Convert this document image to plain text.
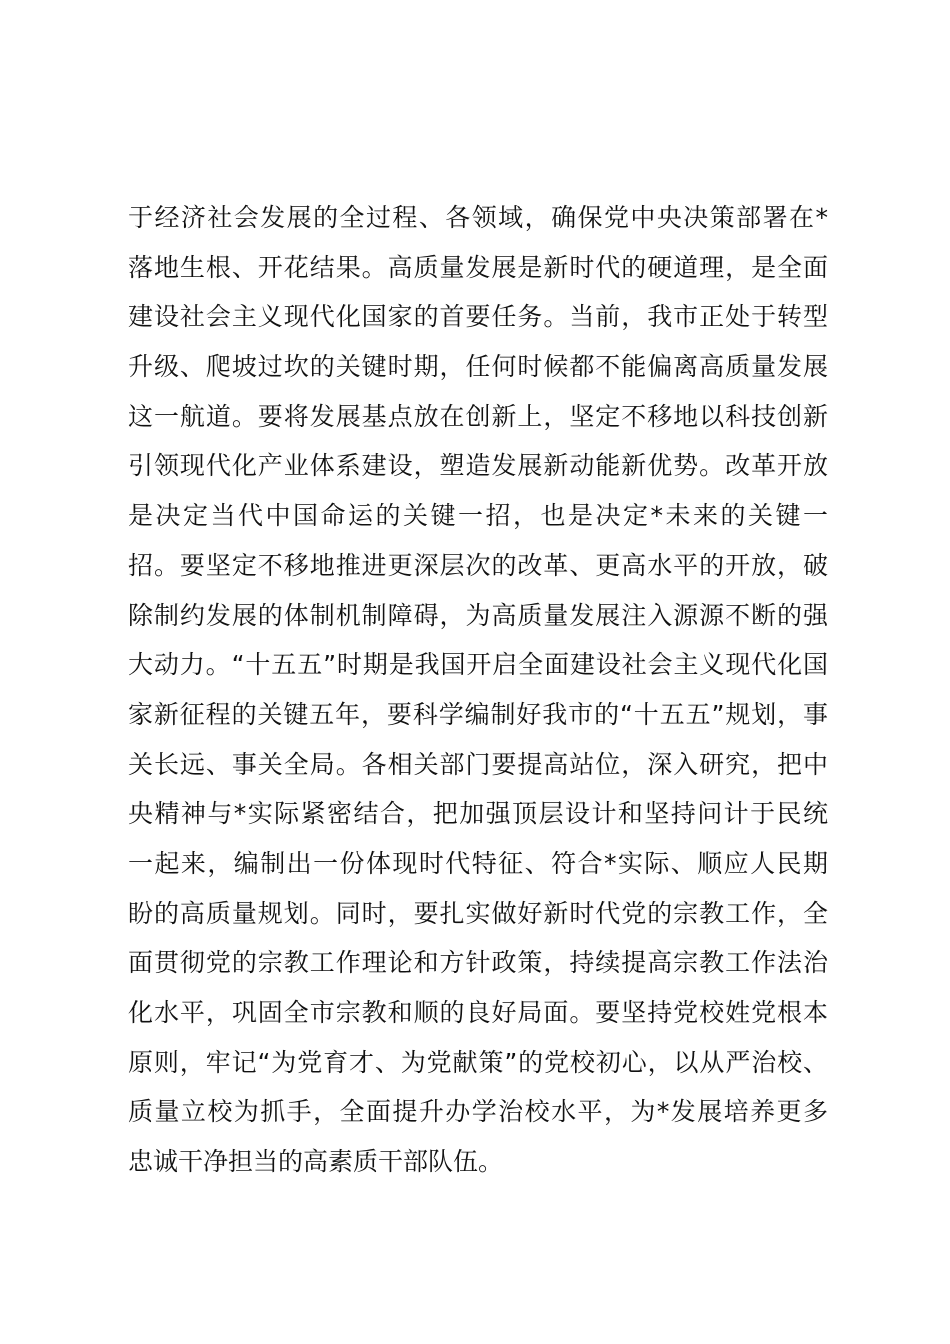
于经济社会发展的全过程、各领域，确保党中央决策部署在*
落地生根、开花结果。高质量发展是新时代的硬道理，是全面
建设社会主义现代化国家的首要任务。当前，我市正处于转型
升级、爬坡过坎的关键时期，任何时候都不能偏离高质量发展
这一航道。要将发展基点放在创新上，坚定不移地以科技创新
引领现代化产业体系建设，塑造发展新动能新优势。改革开放
是决定当代中国命运的关键一招，也是决定*未来的关键一
招。要坚定不移地推进更深层次的改革、更高水平的开放，破
除制约发展的体制机制障碍，为高质量发展注入源源不断的强
大动力。“十五五”时期是我国开启全面建设社会主义现代化国
家新征程的关键五年，要科学编制好我市的“十五五”规划，事
关长远、事关全局。各相关部门要提高站位，深入研究，把中
央精神与*实际紧密结合，把加强顶层设计和坚持问计于民统
一起来，编制出一份体现时代特征、符合*实际、顺应人民期
盼的高质量规划。同时，要扎实做好新时代党的宗教工作，全
面贯彻党的宗教工作理论和方针政策，持续提高宗教工作法治
化水平，巩固全市宗教和顺的良好局面。要坚持党校姓党根本
原则，牢记“为党育才、为党献策”的党校初心，以从严治校、
质量立校为抓手，全面提升办学治校水平，为*发展培养更多
忠诚干净担当的高素质干部队伍。
